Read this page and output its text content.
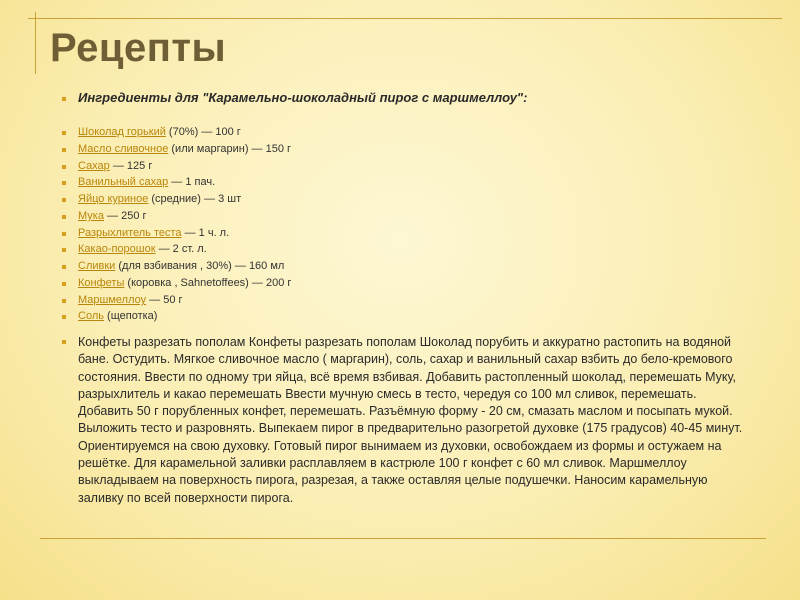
Рецепты
Ингредиенты для "Карамельно-шоколадный пирог с маршмеллоу":
Шоколад горький (70%) — 100 г
Масло сливочное (или маргарин) — 150 г
Сахар — 125 г
Ванильный сахар — 1 пач.
Яйцо куриное (средние) — 3 шт
Мука — 250 г
Разрыхлитель теста — 1 ч. л.
Какао-порошок — 2 ст. л.
Сливки (для взбивания , 30%) — 160 мл
Конфеты (коровка , Sahnetoffees) — 200 г
Маршмеллоу — 50 г
Соль (щепотка)

Конфеты разрезать пополам Конфеты разрезать пополам Шоколад порубить и аккуратно растопить на водяной бане. Остудить. Мягкое сливочное масло ( маргарин), соль, сахар и ванильный сахар взбить до бело-кремового состояния. Ввести по одному три яйца, всё время взбивая. Добавить растопленный шоколад, перемешать Муку, разрыхлитель и какао перемешать Ввести мучную смесь в тесто, чередуя со 100 мл сливок, перемешать. Добавить 50 г порубленных конфет, перемешать. Разъёмную форму - 20 см, смазать маслом и посыпать мукой. Выложить тесто и разровнять. Выпекаем пирог в предварительно разогретой духовке (175 градусов) 40-45 минут. Ориентируемся на свою духовку. Готовый пирог вынимаем из духовки, освобождаем из формы и остужаем на решётке. Для карамельной заливки расплавляем в кастрюле 100 г конфет с 60 мл сливок. Маршмеллоу выкладываем на поверхность пирога, разрезая, а также оставляя целые подушечки. Наносим карамельную заливку по всей поверхности пирога.
